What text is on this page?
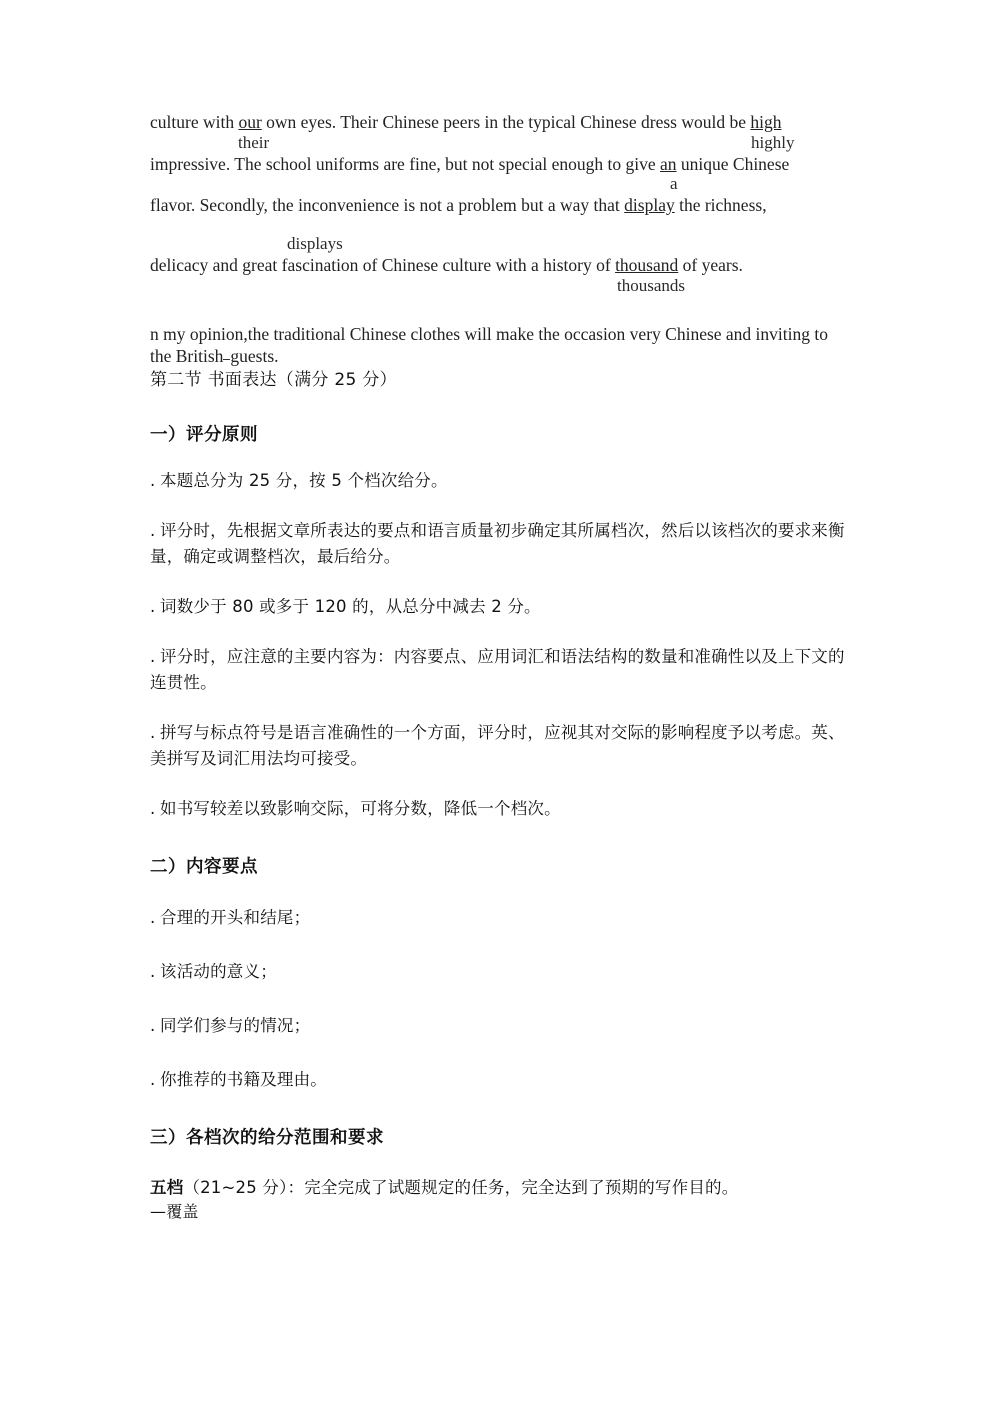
culture with our own eyes. Their Chinese peers in the typical Chinese dress would be high
their	highly
impressive. The school uniforms are fine, but not special enough to give an unique Chinese
a
flavor. Secondly, the inconvenience is not a problem but a way that display the richness,
displays
delicacy and great fascination of Chinese culture with a history of thousand of years.
thousands
n my opinion,the traditional Chinese clothes will make the occasion very Chinese and inviting to
the British guests.
第二节 书面表达（满分 25 分）
一）评分原则
. 本题总分为 25 分，按 5 个档次给分。
. 评分时，先根据文章所表达的要点和语言质量初步确定其所属档次，然后以该档次的要求来衡量，确定或调整档次，最后给分。
. 词数少于 80 或多于 120 的，从总分中减去 2 分。
. 评分时，应注意的主要内容为：内容要点、应用词汇和语法结构的数量和准确性以及上下文的连贯性。
. 拼写与标点符号是语言准确性的一个方面，评分时，应视其对交际的影响程度予以考虑。英、美拼写及词汇用法均可接受。
. 如书写较差以致影响交际，可将分数，降低一个档次。
二）内容要点
. 合理的开头和结尾；
. 该活动的意义；
. 同学们参与的情况；
. 你推荐的书籍及理由。
三）各档次的给分范围和要求
五档（21~25 分）：完全完成了试题规定的任务，完全达到了预期的写作目的。
—覆盖
